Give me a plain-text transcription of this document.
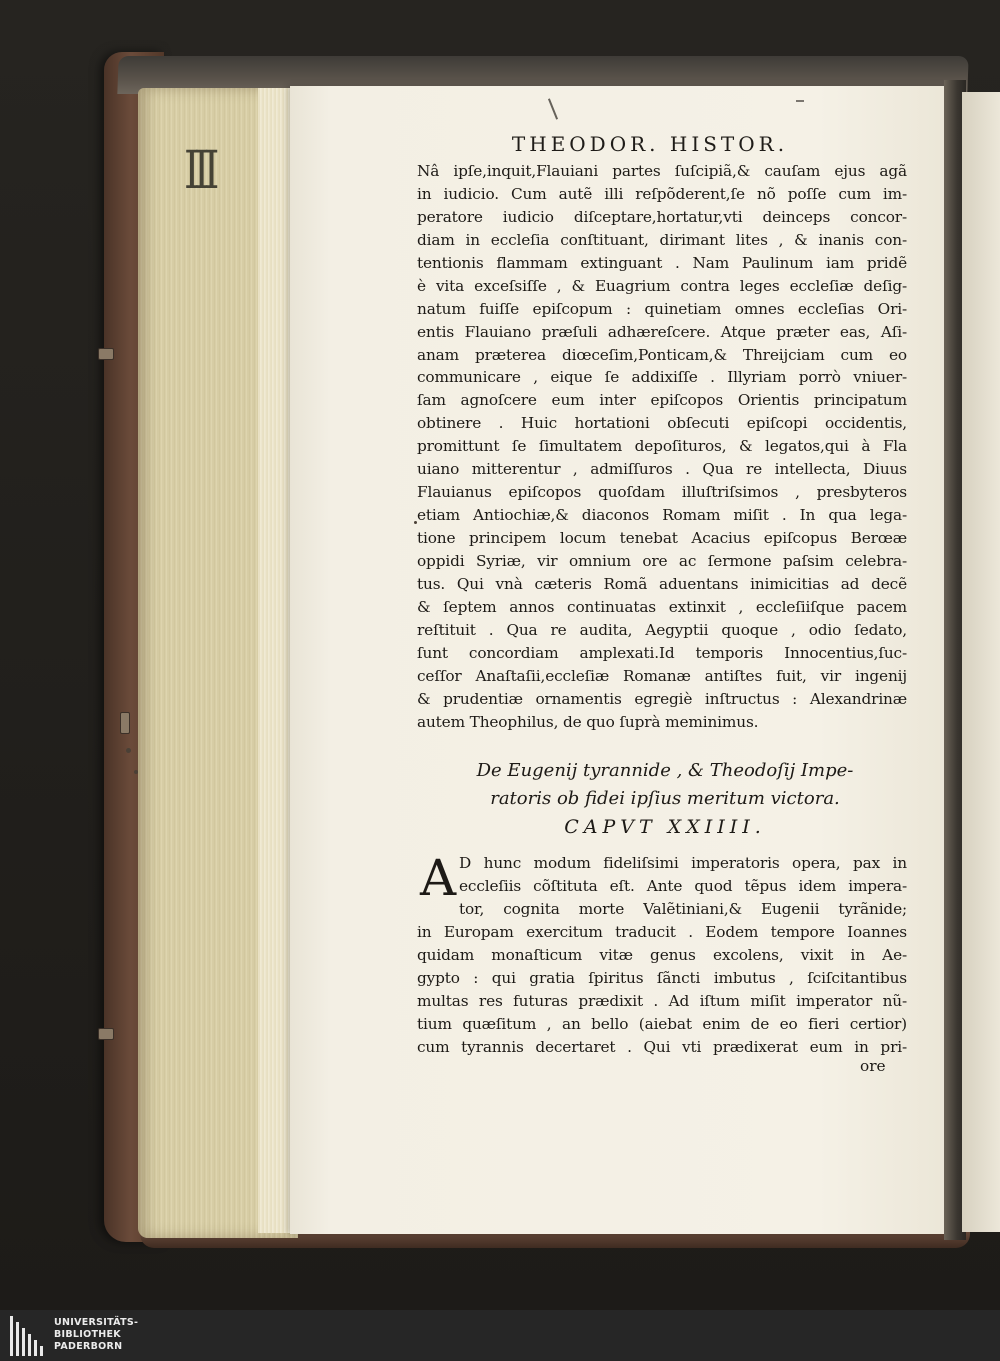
III	THEODOR. HISTOR.
Nâ ipſe,inquit,Flauiani partes ſuſcipiã,& cauſam ejus agã
in iudicio. Cum autẽ illi reſpõderent,ſe nõ poſſe cum im-
peratore iudicio diſceptare,hortatur,vti deinceps concor-
diam in eccleſia conſtituant, dirimant lites , & inanis con-
tentionis flammam extinguant . Nam Paulinum iam pridẽ
è vita exceſsiſſe , & Euagrium contra leges eccleſiæ deſig-
natum fuiſſe epiſcopum : quinetiam omnes eccleſias Ori-
entis Flauiano præſuli adhæreſcere. Atque præter eas, Aſi-
anam præterea diœceſim,Ponticam,& Threijciam cum eo
communicare , eique ſe addixiſſe . Illyriam porrò vniuer-
ſam agnoſcere eum inter epiſcopos Orientis principatum
obtinere . Huic hortationi obſecuti epiſcopi occidentis,
promittunt ſe ſimultatem depoſituros, & legatos,qui à Fla
uiano mitterentur , admiſſuros . Qua re intellecta, Diuus
Flauianus epiſcopos quoſdam illuſtriſsimos , presbyteros
etiam Antiochiæ,& diaconos Romam miſit . In qua lega-
tione principem locum tenebat Acacius epiſcopus Berœæ
oppidi Syriæ, vir omnium ore ac ſermone paſsim celebra-
tus. Qui vnà cæteris Romã aduentans inimicitias ad decẽ
& ſeptem annos continuatas extinxit , eccleſiiſque pacem
reſtituit . Qua re audita, Aegyptii quoque , odio ſedato,
ſunt concordiam amplexati.Id temporis Innocentius,ſuc-
ceſſor Anaſtaſii,eccleſiæ Romanæ antiſtes fuit, vir ingenij
& prudentiæ ornamentis egregiè inſtructus : Alexandrinæ
autem Theophilus, de quo ſuprà meminimus.
De Eugenij tyrannide , & Theodoſij Impe-
ratoris ob fidei ipſius meritum victora.
CAPVT XXIIII.
A D hunc modum fideliſsimi imperatoris opera, pax in
eccleſiis cõſtituta eſt. Ante quod tẽpus idem impera-
tor, cognita morte Valẽtiniani,& Eugenii tyrãnide;
in Europam exercitum traducit . Eodem tempore Ioannes
quidam monaſticum vitæ genus excolens, vixit in Ae-
gypto : qui gratia ſpiritus ſãncti imbutus , ſciſcitantibus
multas res futuras prædixit . Ad iſtum miſit imperator nũ-
tium quæſitum , an bello (aiebat enim de eo fieri certior)
cum tyrannis decertaret . Qui vti prædixerat eum in pri-
ore
UNIVERSITÄTS-
BIBLIOTHEK
PADERBORN
